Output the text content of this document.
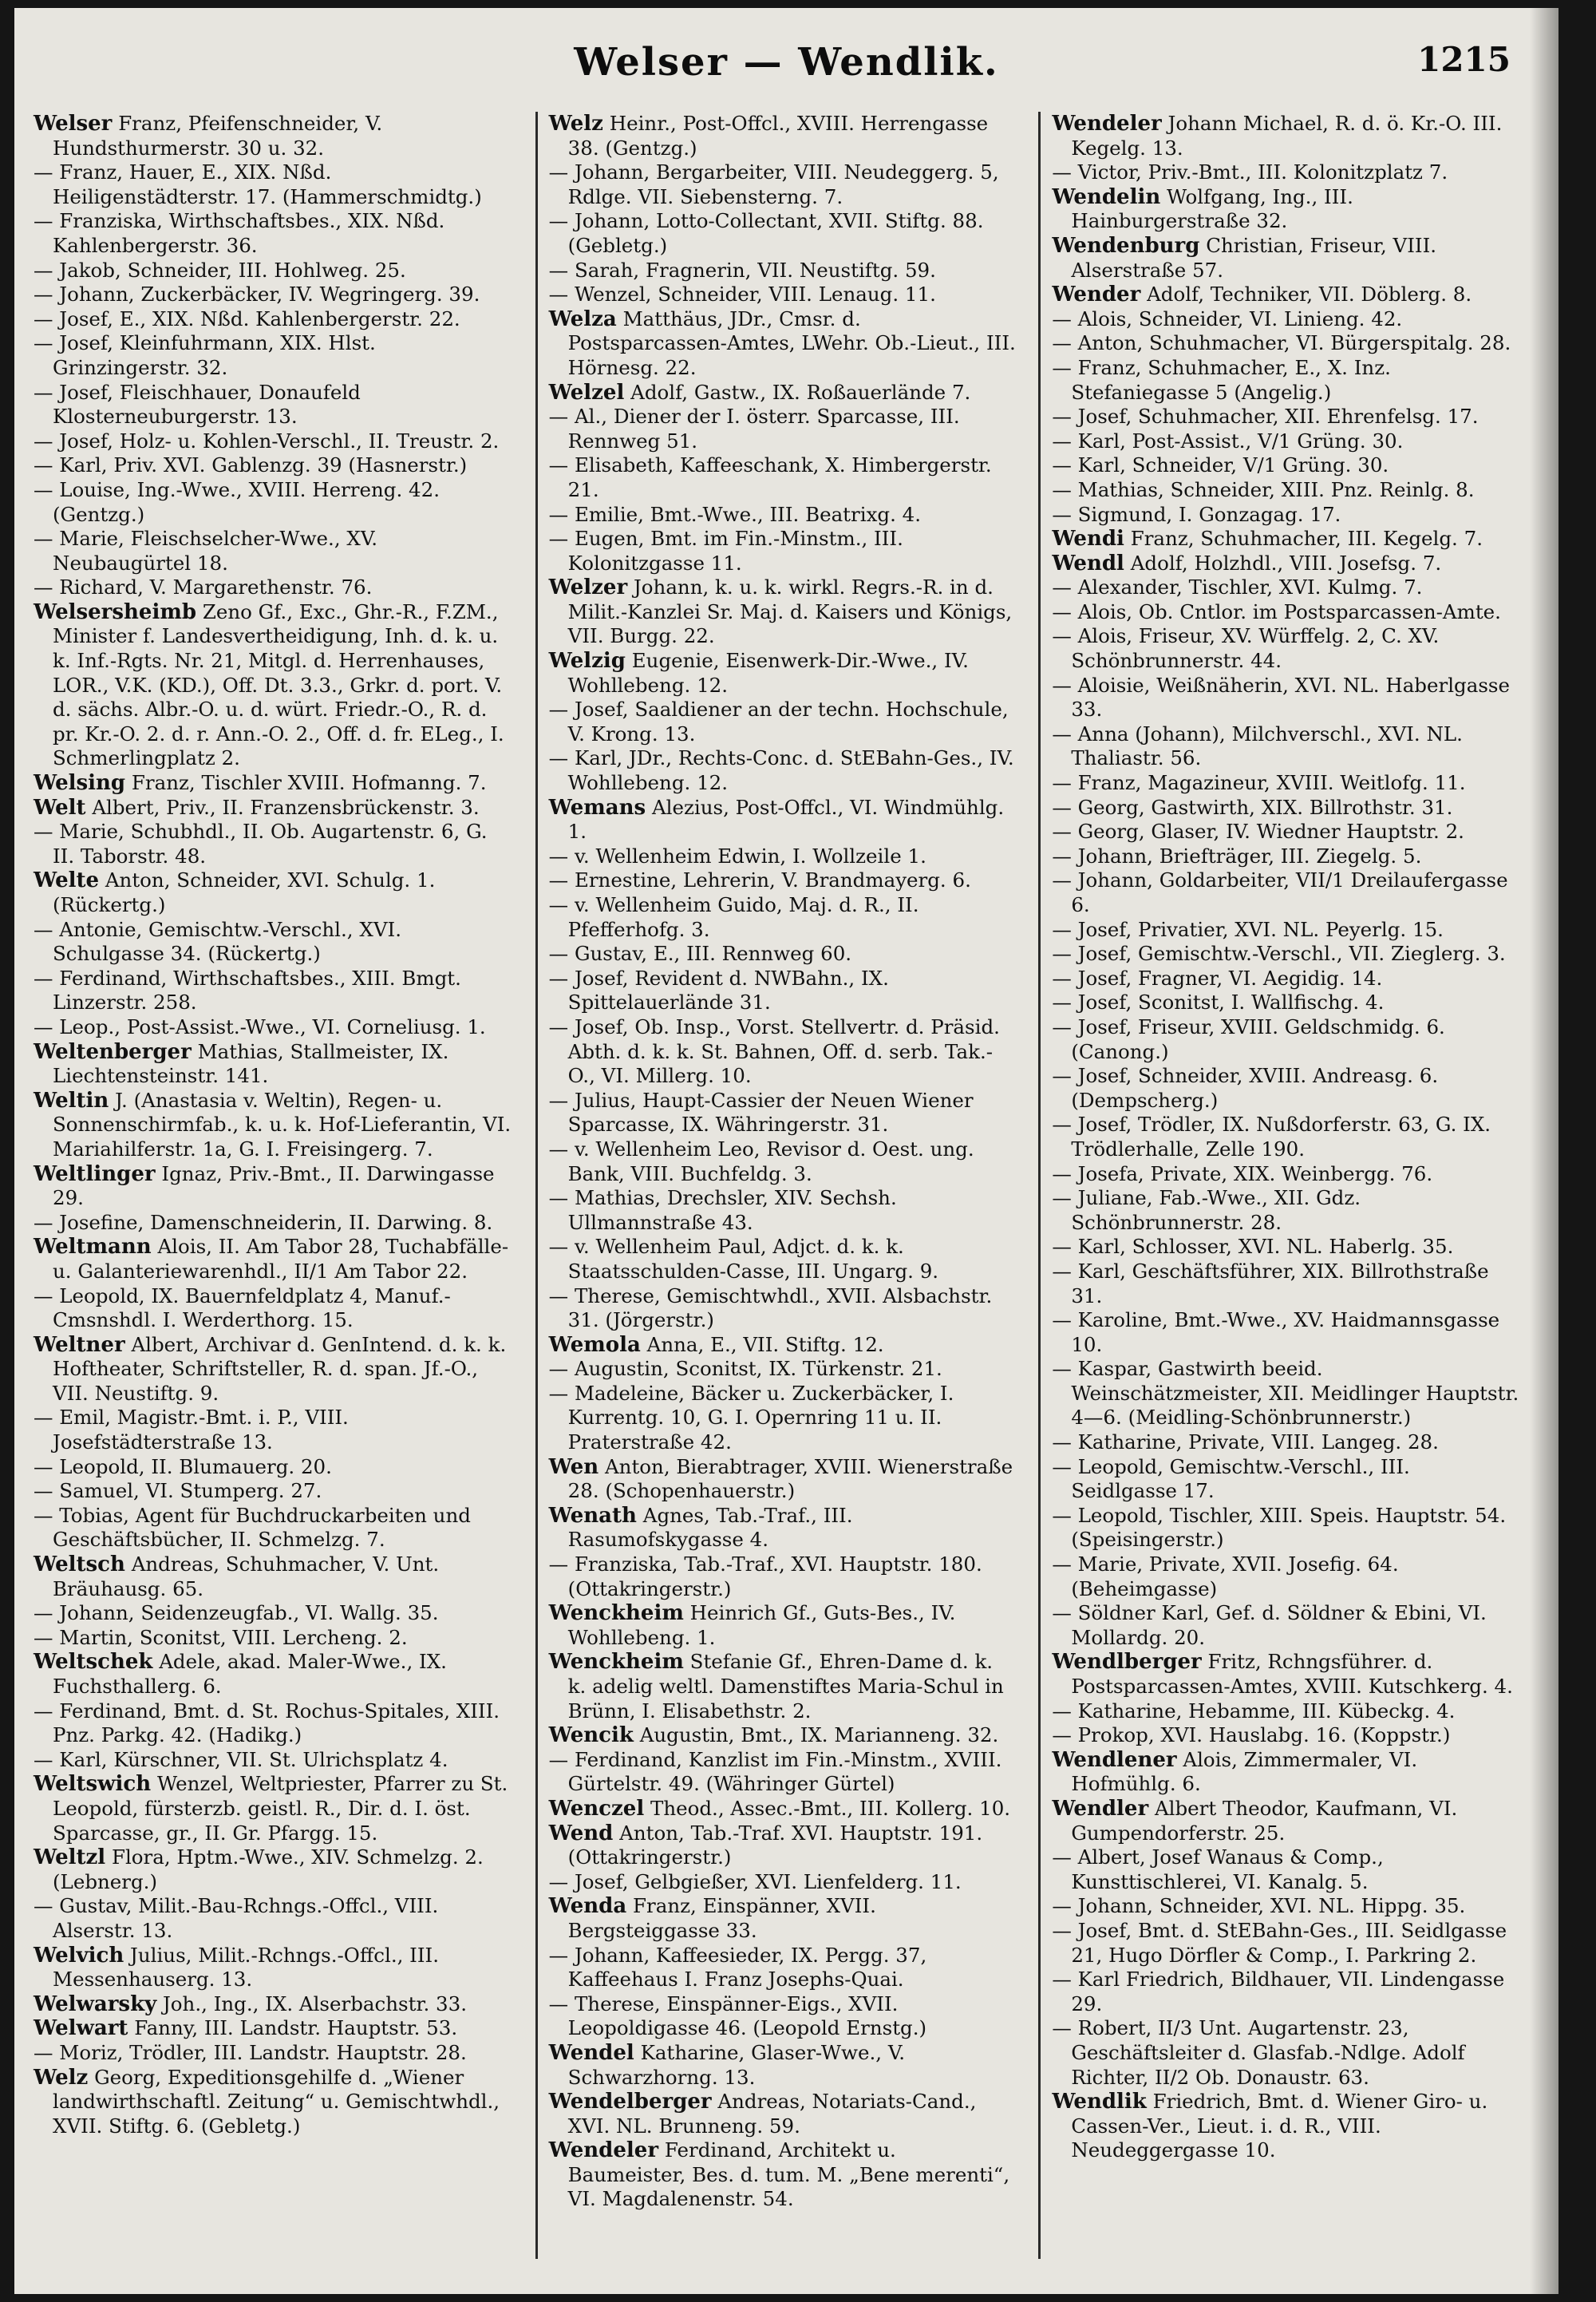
Welser — Wendlik.	1215

Welser Franz, Pfeifenschneider, V. Hundsthurmerstr. 30 u. 32.

— Franz, Hauer, E., XIX. Nßd. Heiligenstädterstr. 17. (Hammerschmidtg.)

— Franziska, Wirthschaftsbes., XIX. Nßd. Kahlenbergerstr. 36.

— Jakob, Schneider, III. Hohlweg. 25.

— Johann, Zuckerbäcker, IV. Wegringerg. 39.

— Josef, E., XIX. Nßd. Kahlenbergerstr. 22.

— Josef, Kleinfuhrmann, XIX. Hlst. Grinzingerstr. 32.

— Josef, Fleischhauer, Donaufeld Klosterneuburgerstr. 13.

— Josef, Holz- u. Kohlen-Verschl., II. Treustr. 2.

— Karl, Priv. XVI. Gablenzg. 39 (Hasnerstr.)

— Louise, Ing.-Wwe., XVIII. Herreng. 42. (Gentzg.)

— Marie, Fleischselcher-Wwe., XV. Neubaugürtel 18.

— Richard, V. Margarethenstr. 76.

Welsersheimb Zeno Gf., Exc., Ghr.-R., F.ZM., Minister f. Landesvertheidigung, Inh. d. k. u. k. Inf.-Rgts. Nr. 21, Mitgl. d. Herrenhauses, LOR., V.K. (KD.), Off. Dt. 3.3., Grkr. d. port. V. d. sächs. Albr.-O. u. d. würt. Friedr.-O., R. d. pr. Kr.-O. 2. d. r. Ann.-O. 2., Off. d. fr. ELeg., I. Schmerlingplatz 2.

Welsing Franz, Tischler XVIII. Hofmanng. 7.

Welt Albert, Priv., II. Franzensbrückenstr. 3.

— Marie, Schubhdl., II. Ob. Augartenstr. 6, G. II. Taborstr. 48.

Welte Anton, Schneider, XVI. Schulg. 1. (Rückertg.)

— Antonie, Gemischtw.-Verschl., XVI. Schulgasse 34. (Rückertg.)

— Ferdinand, Wirthschaftsbes., XIII. Bmgt. Linzerstr. 258.

— Leop., Post-Assist.-Wwe., VI. Corneliusg. 1.

Weltenberger Mathias, Stallmeister, IX. Liechtensteinstr. 141.

Weltin J. (Anastasia v. Weltin), Regen- u. Sonnenschirmfab., k. u. k. Hof-Lieferantin, VI. Mariahilferstr. 1a, G. I. Freisingerg. 7.

Weltlinger Ignaz, Priv.-Bmt., II. Darwingasse 29.

— Josefine, Damenschneiderin, II. Darwing. 8.

Weltmann Alois, II. Am Tabor 28, Tuchabfälle- u. Galanteriewarenhdl., II/1 Am Tabor 22.

— Leopold, IX. Bauernfeldplatz 4, Manuf.-Cmsnshdl. I. Werderthorg. 15.

Weltner Albert, Archivar d. GenIntend. d. k. k. Hoftheater, Schriftsteller, R. d. span. Jf.-O., VII. Neustiftg. 9.

— Emil, Magistr.-Bmt. i. P., VIII. Josefstädterstraße 13.

— Leopold, II. Blumauerg. 20.

— Samuel, VI. Stumperg. 27.

— Tobias, Agent für Buchdruckarbeiten und Geschäftsbücher, II. Schmelzg. 7.

Weltsch Andreas, Schuhmacher, V. Unt. Bräuhausg. 65.

— Johann, Seidenzeugfab., VI. Wallg. 35.

— Martin, Sconitst, VIII. Lercheng. 2.

Weltschek Adele, akad. Maler-Wwe., IX. Fuchsthallerg. 6.

— Ferdinand, Bmt. d. St. Rochus-Spitales, XIII. Pnz. Parkg. 42. (Hadikg.)

— Karl, Kürschner, VII. St. Ulrichsplatz 4.

Weltswich Wenzel, Weltpriester, Pfarrer zu St. Leopold, fürsterzb. geistl. R., Dir. d. I. öst. Sparcasse, gr., II. Gr. Pfargg. 15.

Weltzl Flora, Hptm.-Wwe., XIV. Schmelzg. 2. (Lebnerg.)

— Gustav, Milit.-Bau-Rchngs.-Offcl., VIII. Alserstr. 13.

Welvich Julius, Milit.-Rchngs.-Offcl., III. Messenhauserg. 13.

Welwarsky Joh., Ing., IX. Alserbachstr. 33.

Welwart Fanny, III. Landstr. Hauptstr. 53.

— Moriz, Trödler, III. Landstr. Hauptstr. 28.

Welz Georg, Expeditionsgehilfe d. „Wiener landwirthschaftl. Zeitung“ u. Gemischtwhdl., XVII. Stiftg. 6. (Gebletg.)

Welz Heinr., Post-Offcl., XVIII. Herrengasse 38. (Gentzg.)

— Johann, Bergarbeiter, VIII. Neudeggerg. 5, Rdlge. VII. Siebensterng. 7.

— Johann, Lotto-Collectant, XVII. Stiftg. 88. (Gebletg.)

— Sarah, Fragnerin, VII. Neustiftg. 59.

— Wenzel, Schneider, VIII. Lenaug. 11.

Welza Matthäus, JDr., Cmsr. d. Postsparcassen-Amtes, LWehr. Ob.-Lieut., III. Hörnesg. 22.

Welzel Adolf, Gastw., IX. Roßauerlände 7.

— Al., Diener der I. österr. Sparcasse, III. Rennweg 51.

— Elisabeth, Kaffeeschank, X. Himbergerstr. 21.

— Emilie, Bmt.-Wwe., III. Beatrixg. 4.

— Eugen, Bmt. im Fin.-Minstm., III. Kolonitzgasse 11.

Welzer Johann, k. u. k. wirkl. Regrs.-R. in d. Milit.-Kanzlei Sr. Maj. d. Kaisers und Königs, VII. Burgg. 22.

Welzig Eugenie, Eisenwerk-Dir.-Wwe., IV. Wohllebeng. 12.

— Josef, Saaldiener an der techn. Hochschule, V. Krong. 13.

— Karl, JDr., Rechts-Conc. d. StEBahn-Ges., IV. Wohllebeng. 12.

Wemans Alezius, Post-Offcl., VI. Windmühlg. 1.

— v. Wellenheim Edwin, I. Wollzeile 1.

— Ernestine, Lehrerin, V. Brandmayerg. 6.

— v. Wellenheim Guido, Maj. d. R., II. Pfefferhofg. 3.

— Gustav, E., III. Rennweg 60.

— Josef, Revident d. NWBahn., IX. Spittelauerlände 31.

— Josef, Ob. Insp., Vorst. Stellvertr. d. Präsid. Abth. d. k. k. St. Bahnen, Off. d. serb. Tak.-O., VI. Millerg. 10.

— Julius, Haupt-Cassier der Neuen Wiener Sparcasse, IX. Währingerstr. 31.

— v. Wellenheim Leo, Revisor d. Oest. ung. Bank, VIII. Buchfeldg. 3.

— Mathias, Drechsler, XIV. Sechsh. Ullmannstraße 43.

— v. Wellenheim Paul, Adjct. d. k. k. Staatsschulden-Casse, III. Ungarg. 9.

— Therese, Gemischtwhdl., XVII. Alsbachstr. 31. (Jörgerstr.)

Wemola Anna, E., VII. Stiftg. 12.

— Augustin, Sconitst, IX. Türkenstr. 21.

— Madeleine, Bäcker u. Zuckerbäcker, I. Kurrentg. 10, G. I. Opernring 11 u. II. Praterstraße 42.

Wen Anton, Bierabtrager, XVIII. Wienerstraße 28. (Schopenhauerstr.)

Wenath Agnes, Tab.-Traf., III. Rasumofskygasse 4.

— Franziska, Tab.-Traf., XVI. Hauptstr. 180. (Ottakringerstr.)

Wenckheim Heinrich Gf., Guts-Bes., IV. Wohllebeng. 1.

Wenckheim Stefanie Gf., Ehren-Dame d. k. k. adelig weltl. Damenstiftes Maria-Schul in Brünn, I. Elisabethstr. 2.

Wencik Augustin, Bmt., IX. Marianneng. 32.

— Ferdinand, Kanzlist im Fin.-Minstm., XVIII. Gürtelstr. 49. (Währinger Gürtel)

Wenczel Theod., Assec.-Bmt., III. Kollerg. 10.

Wend Anton, Tab.-Traf. XVI. Hauptstr. 191. (Ottakringerstr.)

— Josef, Gelbgießer, XVI. Lienfelderg. 11.

Wenda Franz, Einspänner, XVII. Bergsteiggasse 33.

— Johann, Kaffeesieder, IX. Pergg. 37, Kaffeehaus I. Franz Josephs-Quai.

— Therese, Einspänner-Eigs., XVII. Leopoldigasse 46. (Leopold Ernstg.)

Wendel Katharine, Glaser-Wwe., V. Schwarzhorng. 13.

Wendelberger Andreas, Notariats-Cand., XVI. NL. Brunneng. 59.

Wendeler Ferdinand, Architekt u. Baumeister, Bes. d. tum. M. „Bene merenti“, VI. Magdalenenstr. 54.

Wendeler Johann Michael, R. d. ö. Kr.-O. III. Kegelg. 13.

— Victor, Priv.-Bmt., III. Kolonitzplatz 7.

Wendelin Wolfgang, Ing., III. Hainburgerstraße 32.

Wendenburg Christian, Friseur, VIII. Alserstraße 57.

Wender Adolf, Techniker, VII. Döblerg. 8.

— Alois, Schneider, VI. Linieng. 42.

— Anton, Schuhmacher, VI. Bürgerspitalg. 28.

— Franz, Schuhmacher, E., X. Inz. Stefaniegasse 5 (Angelig.)

— Josef, Schuhmacher, XII. Ehrenfelsg. 17.

— Karl, Post-Assist., V/1 Grüng. 30.

— Karl, Schneider, V/1 Grüng. 30.

— Mathias, Schneider, XIII. Pnz. Reinlg. 8.

— Sigmund, I. Gonzagag. 17.

Wendi Franz, Schuhmacher, III. Kegelg. 7.

Wendl Adolf, Holzhdl., VIII. Josefsg. 7.

— Alexander, Tischler, XVI. Kulmg. 7.

— Alois, Ob. Cntlor. im Postsparcassen-Amte.

— Alois, Friseur, XV. Würffelg. 2, C. XV. Schönbrunnerstr. 44.

— Aloisie, Weißnäherin, XVI. NL. Haberlgasse 33.

— Anna (Johann), Milchverschl., XVI. NL. Thaliastr. 56.

— Franz, Magazineur, XVIII. Weitlofg. 11.

— Georg, Gastwirth, XIX. Billrothstr. 31.

— Georg, Glaser, IV. Wiedner Hauptstr. 2.

— Johann, Briefträger, III. Ziegelg. 5.

— Johann, Goldarbeiter, VII/1 Dreilaufergasse 6.

— Josef, Privatier, XVI. NL. Peyerlg. 15.

— Josef, Gemischtw.-Verschl., VII. Zieglerg. 3.

— Josef, Fragner, VI. Aegidig. 14.

— Josef, Sconitst, I. Wallfischg. 4.

— Josef, Friseur, XVIII. Geldschmidg. 6. (Canong.)

— Josef, Schneider, XVIII. Andreasg. 6. (Dempscherg.)

— Josef, Trödler, IX. Nußdorferstr. 63, G. IX. Trödlerhalle, Zelle 190.

— Josefa, Private, XIX. Weinbergg. 76.

— Juliane, Fab.-Wwe., XII. Gdz. Schönbrunnerstr. 28.

— Karl, Schlosser, XVI. NL. Haberlg. 35.

— Karl, Geschäftsführer, XIX. Billrothstraße 31.

— Karoline, Bmt.-Wwe., XV. Haidmannsgasse 10.

— Kaspar, Gastwirth beeid. Weinschätzmeister, XII. Meidlinger Hauptstr. 4—6. (Meidling-Schönbrunnerstr.)

— Katharine, Private, VIII. Langeg. 28.

— Leopold, Gemischtw.-Verschl., III. Seidlgasse 17.

— Leopold, Tischler, XIII. Speis. Hauptstr. 54. (Speisingerstr.)

— Marie, Private, XVII. Josefig. 64. (Beheimgasse)

— Söldner Karl, Gef. d. Söldner & Ebini, VI. Mollardg. 20.

Wendlberger Fritz, Rchngsführer. d. Postsparcassen-Amtes, XVIII. Kutschkerg. 4.

— Katharine, Hebamme, III. Kübeckg. 4.

— Prokop, XVI. Hauslabg. 16. (Koppstr.)

Wendlener Alois, Zimmermaler, VI. Hofmühlg. 6.

Wendler Albert Theodor, Kaufmann, VI. Gumpendorferstr. 25.

— Albert, Josef Wanaus & Comp., Kunsttischlerei, VI. Kanalg. 5.

— Johann, Schneider, XVI. NL. Hippg. 35.

— Josef, Bmt. d. StEBahn-Ges., III. Seidlgasse 21, Hugo Dörfler & Comp., I. Parkring 2.

— Karl Friedrich, Bildhauer, VII. Lindengasse 29.

— Robert, II/3 Unt. Augartenstr. 23, Geschäftsleiter d. Glasfab.-Ndlge. Adolf Richter, II/2 Ob. Donaustr. 63.

Wendlik Friedrich, Bmt. d. Wiener Giro- u. Cassen-Ver., Lieut. i. d. R., VIII. Neudeggergasse 10.
